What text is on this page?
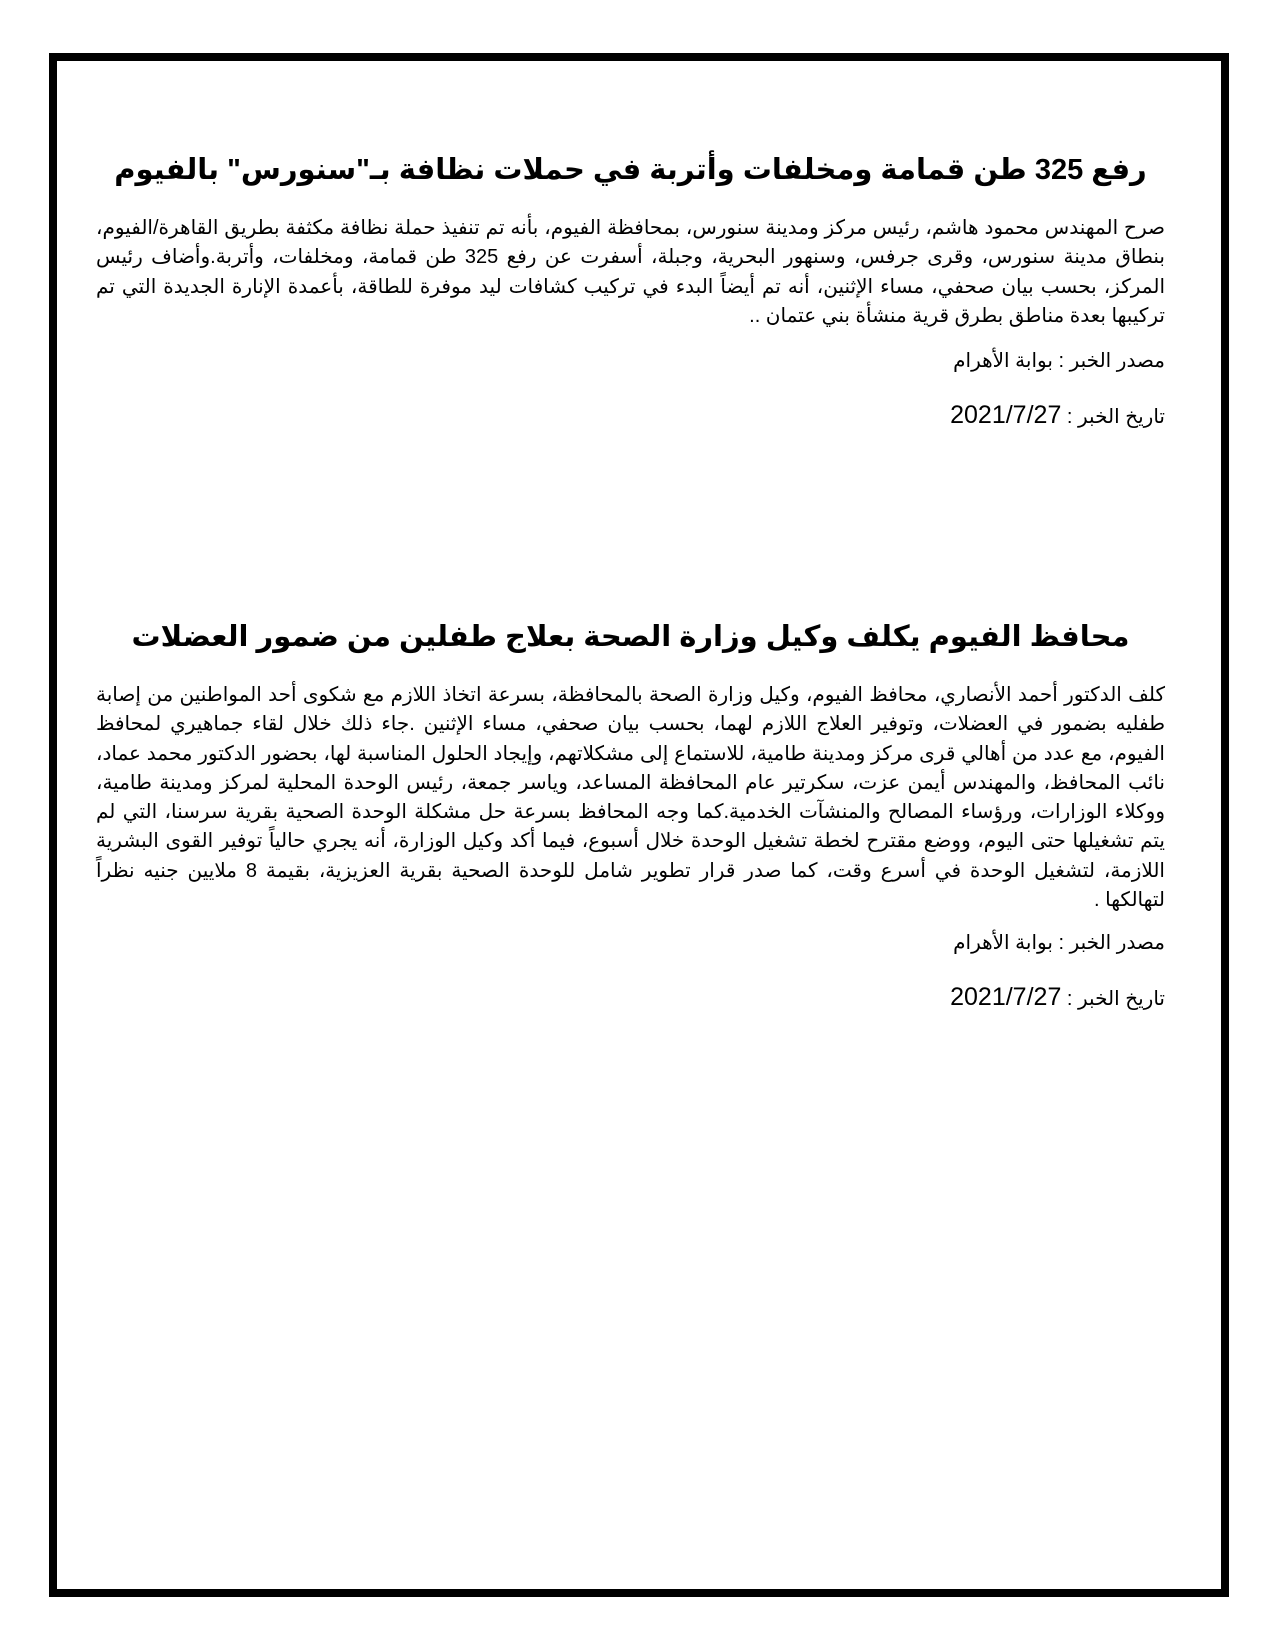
رفع 325 طن قمامة ومخلفات وأتربة في حملات نظافة بـ"سنورس" بالفيوم

صرح المهندس محمود هاشم، رئيس مركز ومدينة سنورس، بمحافظة الفيوم، بأنه تم تنفيذ حملة نظافة مكثفة بطريق القاهرة/الفيوم، بنطاق مدينة سنورس، وقرى جرفس، وسنهور البحرية، وجبلة، أسفرت عن رفع 325 طن قمامة، ومخلفات، وأتربة.وأضاف رئيس المركز، بحسب بيان صحفي، مساء الإثنين، أنه تم أيضاً البدء في تركيب كشافات ليد موفرة للطاقة، بأعمدة الإنارة الجديدة التي تم تركيبها بعدة مناطق بطرق قرية منشأة بني عتمان ..

مصدر الخبر : بوابة الأهرام

تاريخ الخبر : 2021/7/27

محافظ الفيوم يكلف وكيل وزارة الصحة بعلاج طفلين من ضمور العضلات

كلف الدكتور أحمد الأنصاري، محافظ الفيوم، وكيل وزارة الصحة بالمحافظة، بسرعة اتخاذ اللازم مع شكوى أحد المواطنين من إصابة طفليه بضمور في العضلات، وتوفير العلاج اللازم لهما، بحسب بيان صحفي، مساء الإثنين .جاء ذلك خلال لقاء جماهيري لمحافظ الفيوم، مع عدد من أهالي قرى مركز ومدينة طامية، للاستماع إلى مشكلاتهم، وإيجاد الحلول المناسبة لها، بحضور الدكتور محمد عماد، نائب المحافظ، والمهندس أيمن عزت، سكرتير عام المحافظة المساعد، وياسر جمعة، رئيس الوحدة المحلية لمركز ومدينة طامية، ووكلاء الوزارات، ورؤساء المصالح والمنشآت الخدمية.كما وجه المحافظ بسرعة حل مشكلة الوحدة الصحية بقرية سرسنا، التي لم يتم تشغيلها حتى اليوم، ووضع مقترح لخطة تشغيل الوحدة خلال أسبوع، فيما أكد وكيل الوزارة، أنه يجري حالياً توفير القوى البشرية اللازمة، لتشغيل الوحدة في أسرع وقت، كما صدر قرار تطوير شامل للوحدة الصحية بقرية العزيزية، بقيمة 8 ملايين جنيه نظراً لتهالكها .

مصدر الخبر : بوابة الأهرام

تاريخ الخبر : 2021/7/27
